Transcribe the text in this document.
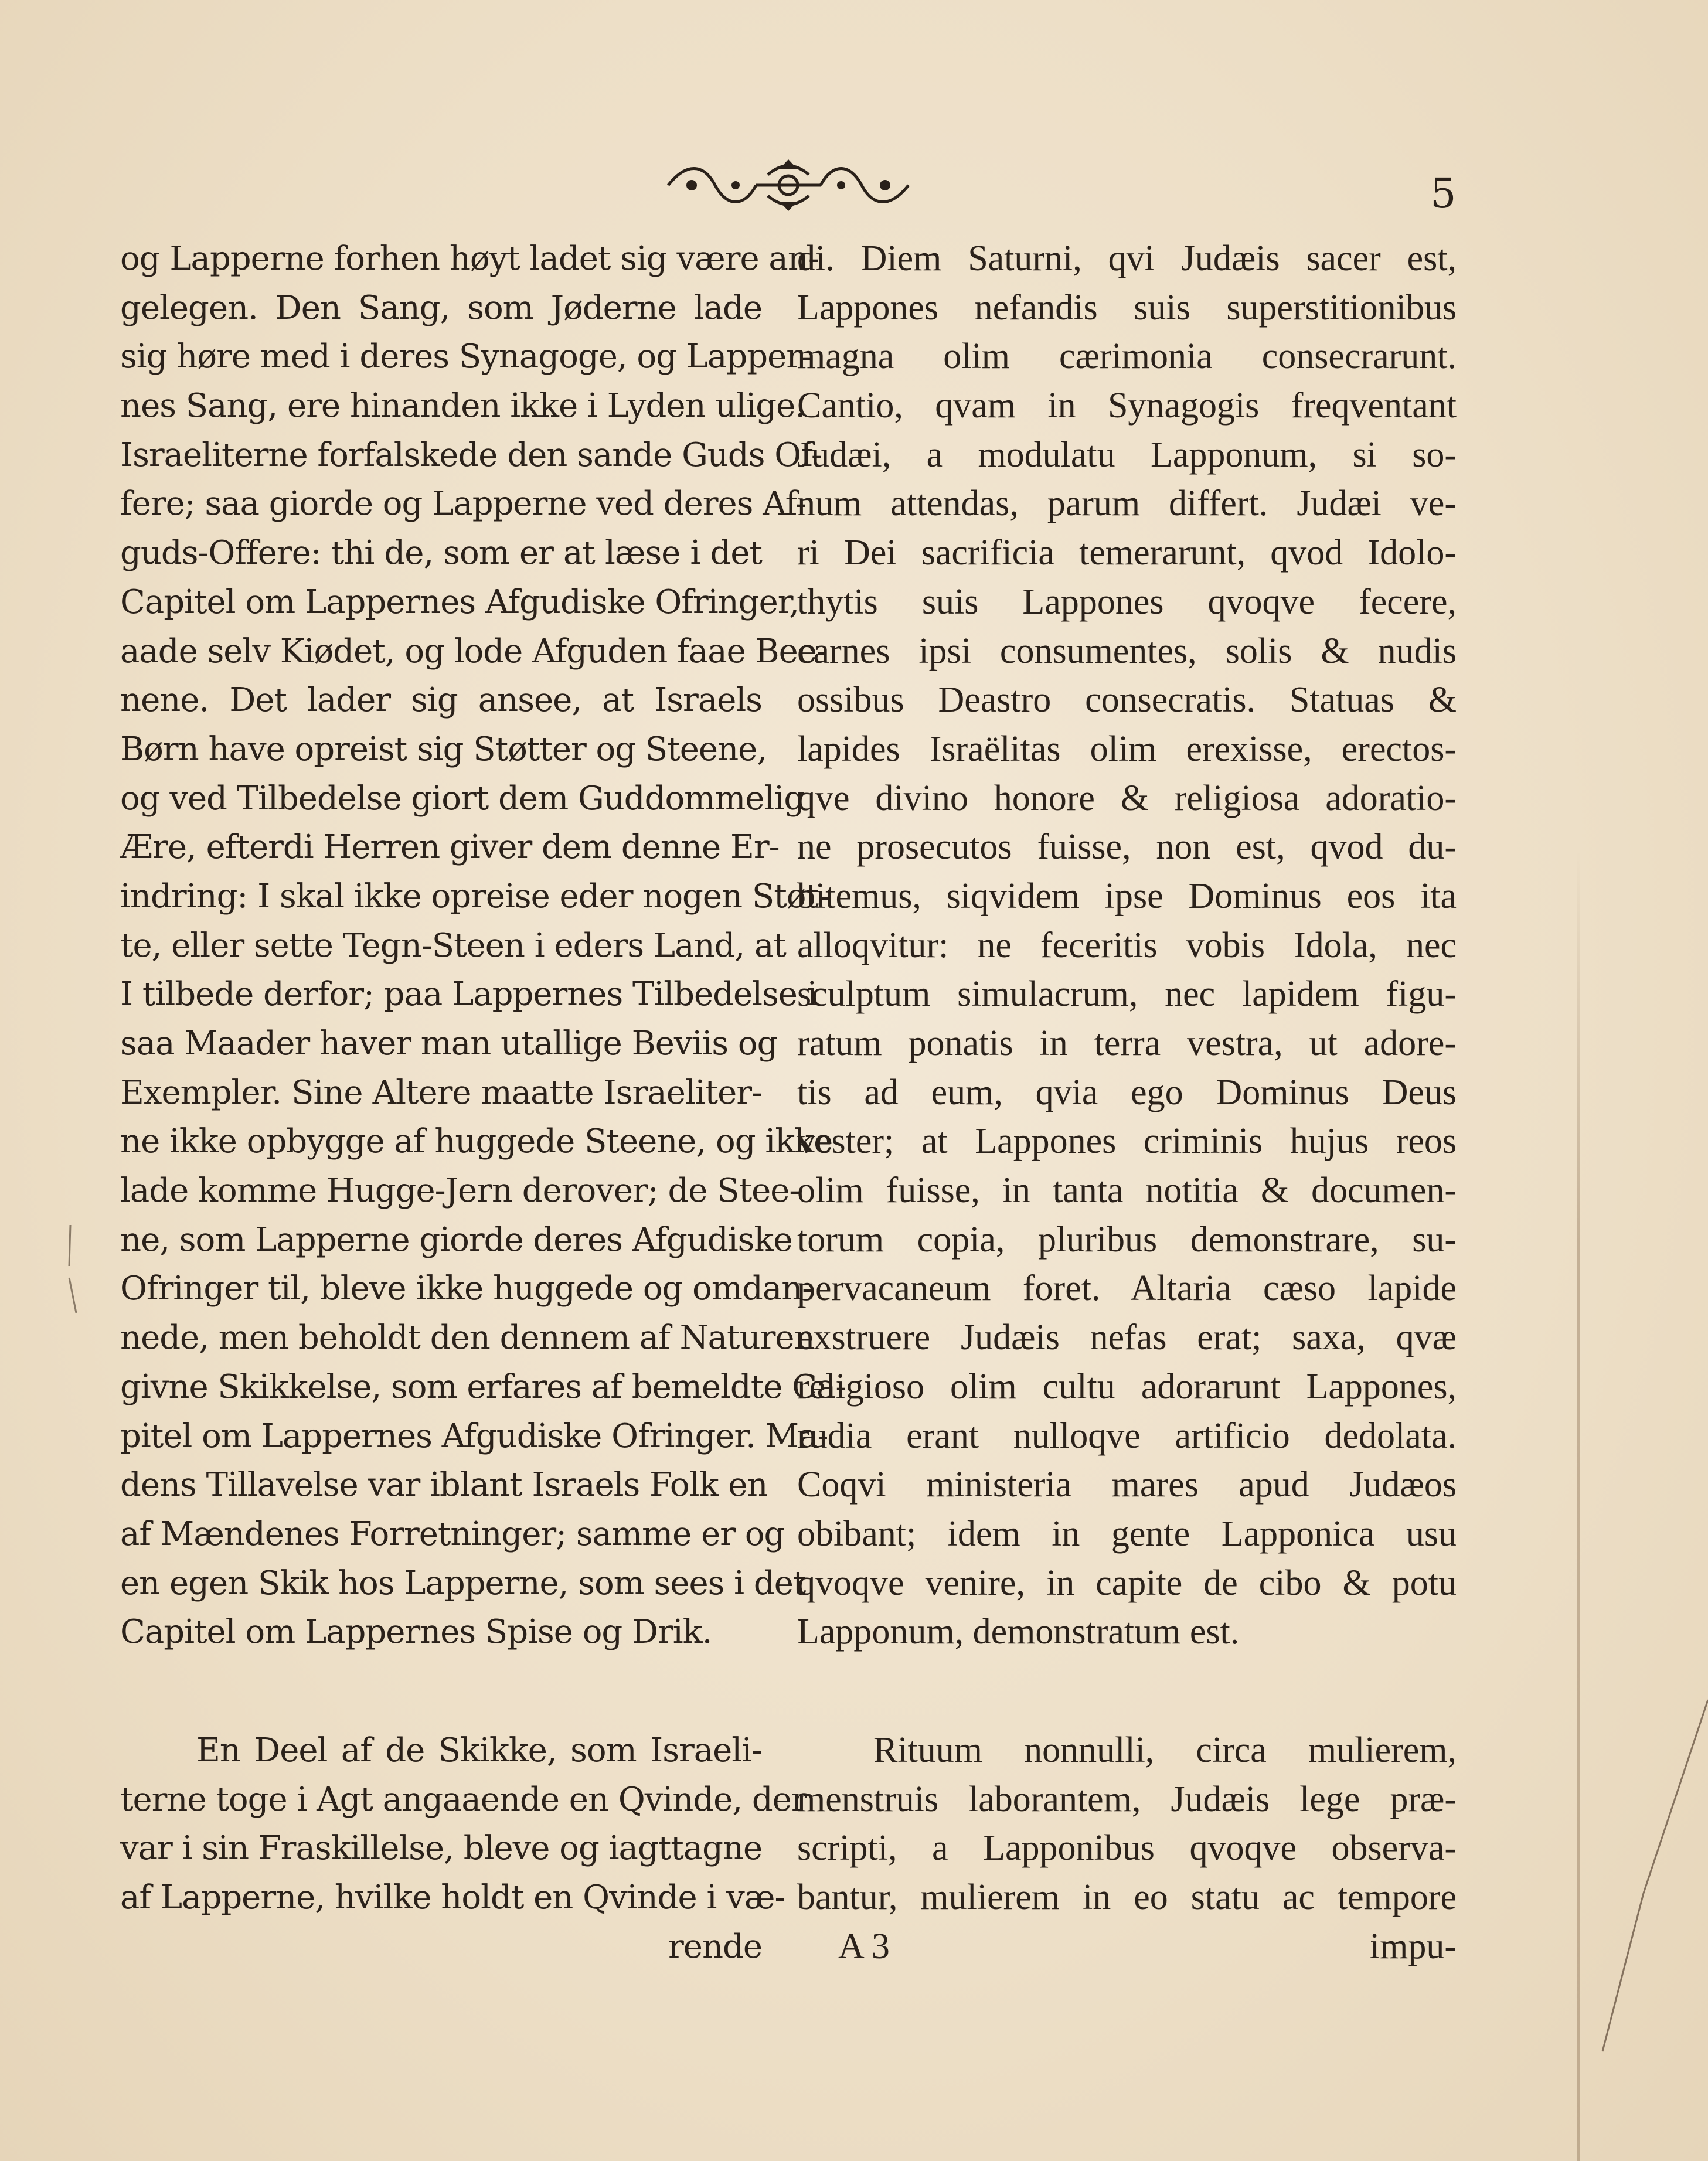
5
og Lapperne forhen høyt ladet sig være an-
gelegen. Den Sang, som Jøderne lade
sig høre med i deres Synagoge, og Lapper-
nes Sang, ere hinanden ikke i Lyden ulige.
Israeliterne forfalskede den sande Guds Of-
fere; saa giorde og Lapperne ved deres Af-
guds-Offere: thi de, som er at læse i det
Capitel om Lappernes Afgudiske Ofringer,
aade selv Kiødet, og lode Afguden faae Bee-
nene. Det lader sig ansee, at Israels
Børn have opreist sig Støtter og Steene,
og ved Tilbedelse giort dem Guddommelig
Ære, efterdi Herren giver dem denne Er-
indring: I skal ikke opreise eder nogen Støt-
te, eller sette Tegn-Steen i eders Land, at
I tilbede derfor; paa Lappernes Tilbedelse i
saa Maader haver man utallige Beviis og
Exempler. Sine Altere maatte Israeliter-
ne ikke opbygge af huggede Steene, og ikke
lade komme Hugge-Jern derover; de Stee-
ne, som Lapperne giorde deres Afgudiske
Ofringer til, bleve ikke huggede og omdan-
nede, men beholdt den dennem af Naturen
givne Skikkelse, som erfares af bemeldte Ca-
pitel om Lappernes Afgudiske Ofringer. Ma-
dens Tillavelse var iblant Israels Folk en
af Mændenes Forretninger; samme er og
en egen Skik hos Lapperne, som sees i det
Capitel om Lappernes Spise og Drik.
En Deel af de Skikke, som Israeli-
terne toge i Agt angaaende en Qvinde, der
var i sin Fraskillelse, bleve og iagttagne
af Lapperne, hvilke holdt en Qvinde i væ-
rende
di. Diem Saturni, qvi Judæis sacer est,
Lappones nefandis suis superstitionibus
magna olim cærimonia consecrarunt.
Cantio, qvam in Synagogis freqventant
Judæi, a modulatu Lapponum, si so-
num attendas, parum differt. Judæi ve-
ri Dei sacrificia temerarunt, qvod Idolo-
thytis suis Lappones qvoqve fecere,
carnes ipsi consumentes, solis & nudis
ossibus Deastro consecratis. Statuas &
lapides Israëlitas olim erexisse, erectos-
qve divino honore & religiosa adoratio-
ne prosecutos fuisse, non est, qvod du-
bitemus, siqvidem ipse Dominus eos ita
alloqvitur: ne feceritis vobis Idola, nec
sculptum simulacrum, nec lapidem figu-
ratum ponatis in terra vestra, ut adore-
tis ad eum, qvia ego Dominus Deus
vester; at Lappones criminis hujus reos
olim fuisse, in tanta notitia & documen-
torum copia, pluribus demonstrare, su-
pervacaneum foret. Altaria cæso lapide
exstruere Judæis nefas erat; saxa, qvæ
religioso olim cultu adorarunt Lappones,
rudia erant nulloqve artificio dedolata.
Coqvi ministeria mares apud Judæos
obibant; idem in gente Lapponica usu
qvoqve venire, in capite de cibo & potu
Lapponum, demonstratum est.
Rituum nonnulli, circa mulierem,
menstruis laborantem, Judæis lege præ-
scripti, a Lapponibus qvoqve observa-
bantur, mulierem in eo statu ac tempore
A 3	impu-
